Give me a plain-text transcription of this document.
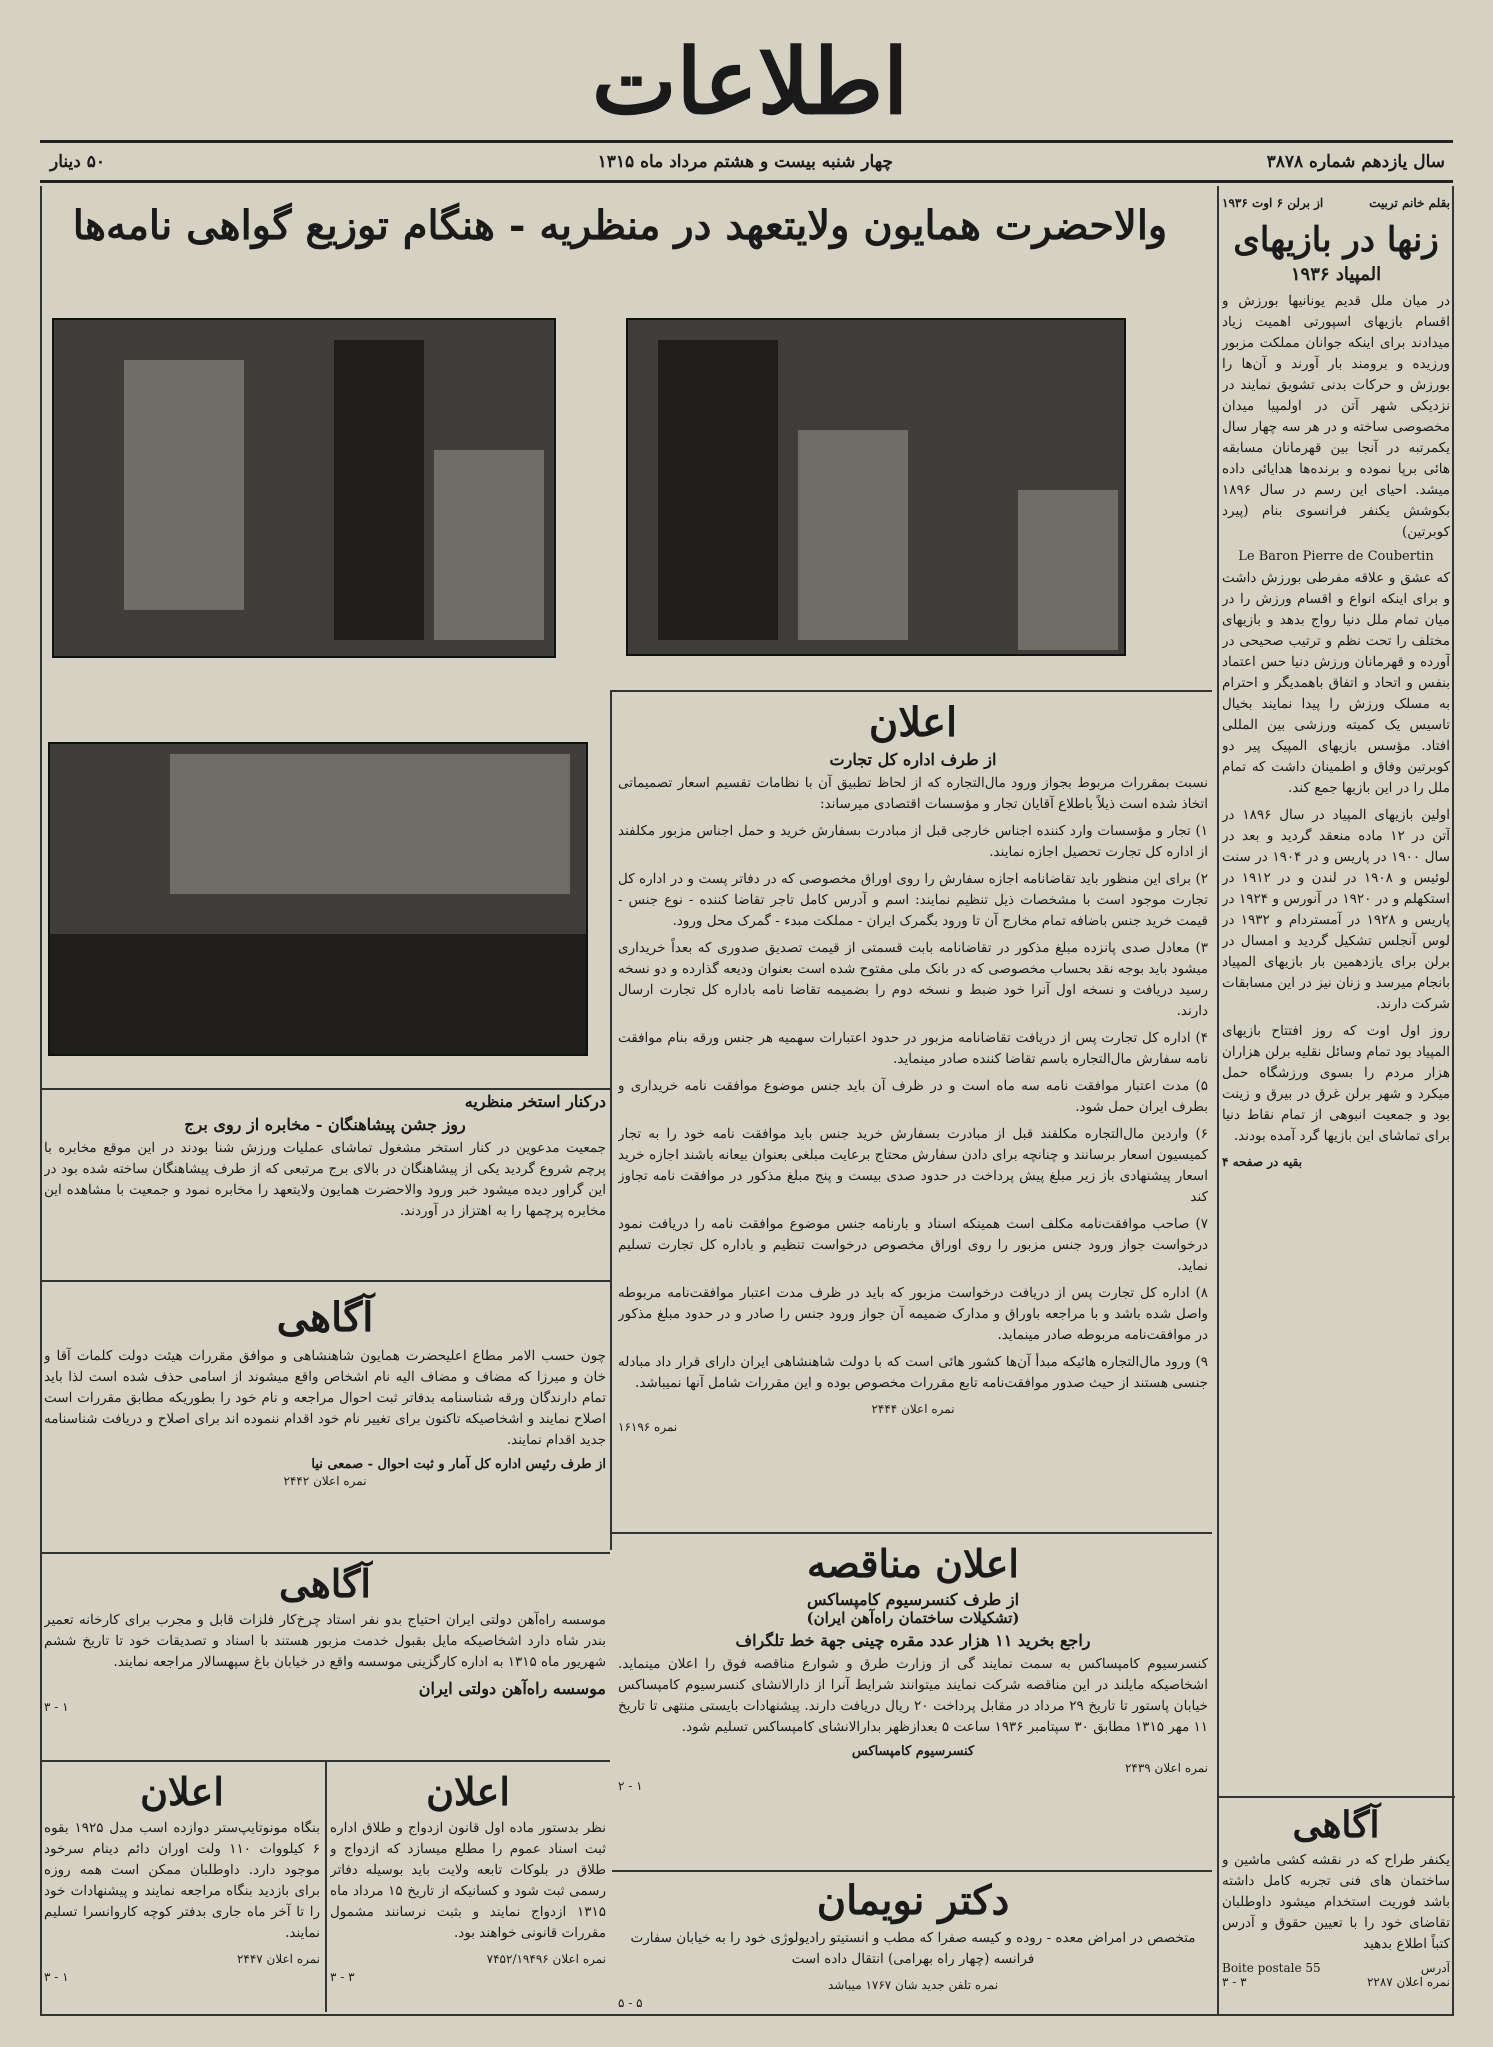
اطلاعات
سال یازدهم شماره ۳۸۷۸
چهار شنبه بیست و هشتم مرداد ماه ۱۳۱۵
۵۰ دینار
والاحضرت همایون ولایتعهد در منظریه - هنگام توزیع گواهی نامه‌ها
درکنار استخر منظریه
روز جشن پیشاهنگان - مخابره از روی برج

جمعیت مدعوین در کنار استخر مشغول تماشای عملیات ورزش شنا بودند در این موقع مخابره با پرچم شروع گردید یکی از پیشاهنگان در بالای برج مرتبعی که از طرف پیشاهنگان ساخته شده بود در این گراور دیده میشود خبر ورود والاحضرت همایون ولایتعهد را مخابره نمود و جمعیت با مشاهده این مخابره پرچمها را به اهتزاز در آوردند.

آگاهی

چون حسب الامر مطاع اعلیحضرت همایون شاهنشاهی و موافق مقررات هیئت دولت کلمات آقا و خان و میرزا که مضاف و مضاف الیه نام اشخاص واقع میشوند از اسامی حذف شده است لذا باید تمام دارندگان ورقه شناسنامه بدفاتر ثبت احوال مراجعه و نام خود را بطوریکه مطابق مقررات است اصلاح نمایند و اشخاصیکه تاکنون برای تغییر نام خود اقدام ننموده اند برای اصلاح و دریافت شناسنامه جدید اقدام نمایند.

از طرف رئیس اداره کل آمار و ثبت احوال - صمعی نیا
نمره اعلان ۲۴۴۲
آگاهی

موسسه راه‌آهن دولتی ایران احتیاج بدو نفر استاد چرخ‌کار فلزات قابل و مجرب برای کارخانه تعمیر بندر شاه دارد اشخاصیکه مایل بقبول خدمت مزبور هستند با اسناد و تصدیقات خود تا تاریخ ششم شهریور ماه ۱۳۱۵ به اداره کارگزینی موسسه واقع در خیابان باغ سپهسالار مراجعه نمایند.

موسسه راه‌آهن دولتی ایران
۱ - ۳
اعلان

بنگاه مونوتایپ‌ستر دوازده اسب مدل ۱۹۲۵ بقوه ۶ کیلووات ۱۱۰ ولت اوران دائم دینام سرخود موجود دارد. داوطلبان ممکن است همه روزه برای بازدید بنگاه مراجعه نمایند و پیشنهادات خود را تا آخر ماه جاری بدفتر کوچه کاروانسرا تسلیم نمایند.

نمره اعلان ۲۴۴۷
۱ - ۳
اعلان

نظر بدستور ماده اول قانون ازدواج و طلاق اداره ثبت اسناد عموم را مطلع میسازد که ازدواج و طلاق در بلوکات تابعه ولایت باید بوسیله دفاتر رسمی ثبت شود و کسانیکه از تاریخ ۱۵ مرداد ماه ۱۳۱۵ ازدواج نمایند و بثبت نرسانند مشمول مقررات قانونی خواهند بود.

نمره اعلان ۷۴۵۲/۱۹۴۹۶
۳ - ۳
اعلان
از طرف اداره کل تجارت

نسبت بمقررات مربوط بجواز ورود مال‌التجاره که از لحاظ تطبیق آن با نظامات تقسیم اسعار تصمیماتی اتخاذ شده است ذیلاً باطلاع آقایان تجار و مؤسسات اقتصادی میرساند:

۱) تجار و مؤسسات وارد کننده اجناس خارجی قبل از مبادرت بسفارش خرید و حمل اجناس مزبور مکلفند از اداره کل تجارت تحصیل اجازه نمایند.

۲) برای این منظور باید تقاضانامه اجازه سفارش را روی اوراق مخصوصی که در دفاتر پست و در اداره کل تجارت موجود است با مشخصات ذیل تنظیم نمایند: اسم و آدرس کامل تاجر تقاضا کننده - نوع جنس - قیمت خرید جنس باضافه تمام مخارج آن تا ورود بگمرک ایران - مملکت مبدء - گمرک محل ورود.

۳) معادل صدی پانزده مبلغ مذکور در تقاضانامه بابت قسمتی از قیمت تصدیق صدوری که بعداً خریداری میشود باید بوجه نقد بحساب مخصوصی که در بانک ملی مفتوح شده است بعنوان ودیعه گذارده و دو نسخه رسید دریافت و نسخه اول آنرا خود ضبط و نسخه دوم را بضمیمه تقاضا نامه باداره کل تجارت ارسال دارند.

۴) اداره کل تجارت پس از دریافت تقاضانامه مزبور در حدود اعتبارات سهمیه هر جنس ورقه بنام موافقت نامه سفارش مال‌التجاره باسم تقاضا کننده صادر مینماید.

۵) مدت اعتبار موافقت نامه سه ماه است و در ظرف آن باید جنس موضوع موافقت نامه خریداری و بطرف ایران حمل شود.

۶) واردین مال‌التجاره مکلفند قبل از مبادرت بسفارش خرید جنس باید موافقت نامه خود را به تجار کمیسیون اسعار برسانند و چنانچه برای دادن سفارش محتاج برعایت مبلغی بعنوان بیعانه باشند اجازه خرید اسعار پیشنهادی باز زیر مبلغ پیش پرداخت در حدود صدی بیست و پنج مبلغ مذکور در موافقت نامه تجاوز کند

۷) صاحب موافقت‌نامه مکلف است همینکه اسناد و بارنامه جنس موضوع موافقت نامه را دریافت نمود درخواست جواز ورود جنس مزبور را روی اوراق مخصوص درخواست تنظیم و باداره کل تجارت تسلیم نماید.

۸) اداره کل تجارت پس از دریافت درخواست مزبور که باید در ظرف مدت اعتبار موافقت‌نامه مربوطه واصل شده باشد و با مراجعه باوراق و مدارک ضمیمه آن جواز ورود جنس را صادر و در حدود مبلغ مذکور در موافقت‌نامه مربوطه صادر مینماید.

۹) ورود مال‌التجاره هائیکه مبدأ آن‌ها کشور هائی است که با دولت شاهنشاهی ایران دارای قرار داد مبادله جنسی هستند از حیث صدور موافقت‌نامه تابع مقررات مخصوص بوده و این مقررات شامل آنها نمیباشد.

نمره اعلان ۲۴۴۴
نمره ۱۶۱۹۶
اعلان مناقصه
از طرف کنسرسیوم کامپساکس
(تشکیلات ساختمان راه‌آهن ایران)
راجع بخرید ۱۱ هزار عدد مقره چینی جهة خط تلگراف

کنسرسیوم کامپساکس به سمت نمایند گی از وزارت طرق و شوارع مناقصه فوق را اعلان مینماید. اشخاصیکه مایلند در این مناقصه شرکت نمایند میتوانند شرایط آنرا از دارالانشای کنسرسیوم کامپساکس خیابان پاستور تا تاریخ ۲۹ مرداد در مقابل پرداخت ۲۰ ریال دریافت دارند. پیشنهادات بایستی منتهی تا تاریخ ۱۱ مهر ۱۳۱۵ مطابق ۳۰ سپتامبر ۱۹۳۶ ساعت ۵ بعدازظهر بدارالانشای کامپساکس تسلیم شود.

کنسرسیوم کامپساکس
نمره اعلان ۲۴۳۹
۱ - ۲
دکتر نویمان

متخصص در امراض معده - روده و کیسه صفرا که مطب و انستیتو رادیولوژی خود را به خیابان سفارت فرانسه (چهار راه بهرامی) انتقال داده است

نمره تلفن جدید شان ۱۷۶۷ میباشد
۵ - ۵
بقلم خانم تربیت
از برلن ۶ اوت ۱۹۳۶
زنها در بازیهای
المپیاد ۱۹۳۶

در میان ملل قدیم یونانیها بورزش و اقسام بازیهای اسپورتی اهمیت زیاد میدادند برای اینکه جوانان مملکت مزبور ورزیده و برومند بار آورند و آن‌ها را بورزش و حرکات بدنی تشویق نمایند در نزدیکی شهر آتن در اولمپیا میدان مخصوصی ساخته و در هر سه چهار سال یکمرتبه در آنجا بین قهرمانان مسابقه هائی برپا نموده و برنده‌ها هدایائی داده میشد. احیای این رسم در سال ۱۸۹۶ بکوشش یکنفر فرانسوی بنام (پیرد کوبرتین)

Le Baron Pierre de Coubertin

که عشق و علاقه مفرطی بورزش داشت و برای اینکه انواع و اقسام ورزش را در میان تمام ملل دنیا رواج بدهد و بازیهای مختلف را تحت نظم و ترتیب صحیحی در آورده و قهرمانان ورزش دنیا حس اعتماد بنفس و اتحاد و اتفاق باهمدیگر و احترام به مسلک ورزش را پیدا نمایند بخیال تاسیس یک کمیته ورزشی بین المللی افتاد. مؤسس بازیهای المپیک پیر دو کوبرتین وفاق و اطمینان داشت که تمام ملل را در این بازیها جمع کند.

اولین بازیهای المپیاد در سال ۱۸۹۶ در آتن در ۱۲ ماده منعقد گردید و بعد در سال ۱۹۰۰ در پاریس و در ۱۹۰۴ در سنت لوئیس و ۱۹۰۸ در لندن و در ۱۹۱۲ در استکهلم و در ۱۹۲۰ در آنورس و ۱۹۲۴ در پاریس و ۱۹۲۸ در آمستردام و ۱۹۳۲ در لوس آنجلس تشکیل گردید و امسال در برلن برای یازدهمین بار بازیهای المپیاد بانجام میرسد و زنان نیز در این مسابقات شرکت دارند.

روز اول اوت که روز افتتاح بازیهای المپیاد بود تمام وسائل نقلیه برلن هزاران هزار مردم را بسوی ورزشگاه حمل میکرد و شهر برلن غرق در بیرق و زینت بود و جمعیت انبوهی از تمام نقاط دنیا برای تماشای این بازیها گرد آمده بودند.

بقیه در صفحه ۴
آگاهی

یکنفر طراح که در نقشه کشی ماشین و ساختمان های فنی تجربه کامل داشته باشد فوریت استخدام میشود داوطلبان تقاضای خود را با تعیین حقوق و آدرس کتباً اطلاع بدهید

آدرس
Boite postale 55
نمره اعلان ۲۲۸۷
۳ - ۳
